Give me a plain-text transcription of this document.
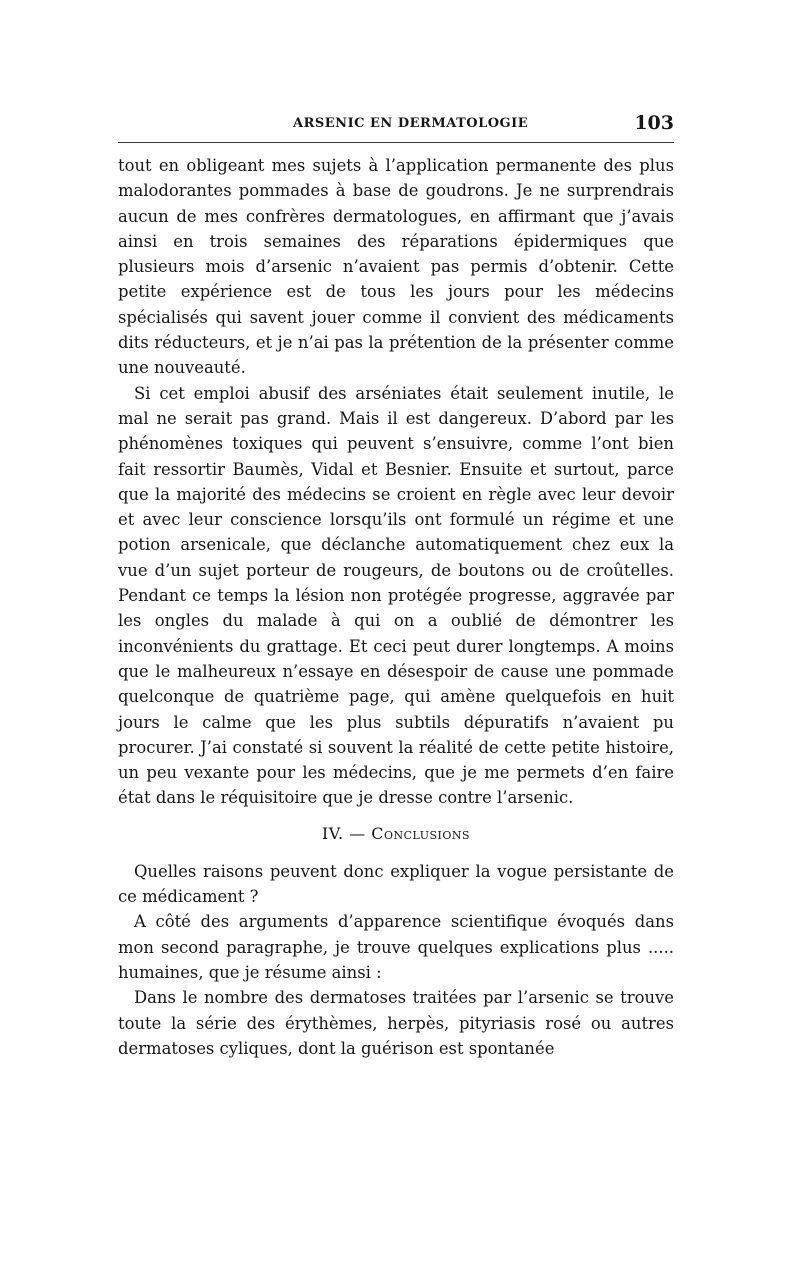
ARSENIC EN DERMATOLOGIE	103

tout en obligeant mes sujets à l’application permanente des plus malodorantes pommades à base de goudrons. Je ne surprendrais aucun de mes confrères dermatologues, en affirmant que j’avais ainsi en trois semaines des réparations épidermiques que plusieurs mois d’arsenic n’avaient pas permis d’obtenir. Cette petite expérience est de tous les jours pour les médecins spécialisés qui savent jouer comme il convient des médicaments dits réducteurs, et je n’ai pas la prétention de la présenter comme une nouveauté.

Si cet emploi abusif des arséniates était seulement inutile, le mal ne serait pas grand. Mais il est dangereux. D’abord par les phénomènes toxiques qui peuvent s’ensuivre, comme l’ont bien fait ressortir Baumès, Vidal et Besnier. Ensuite et surtout, parce que la majorité des médecins se croient en règle avec leur devoir et avec leur conscience lorsqu’ils ont formulé un régime et une potion arsenicale, que déclanche automatiquement chez eux la vue d’un sujet porteur de rougeurs, de boutons ou de croûtelles. Pendant ce temps la lésion non protégée progresse, aggravée par les ongles du malade à qui on a oublié de démontrer les inconvénients du grattage. Et ceci peut durer longtemps. A moins que le malheureux n’essaye en désespoir de cause une pommade quelconque de quatrième page, qui amène quelquefois en huit jours le calme que les plus subtils dépuratifs n’avaient pu procurer. J’ai constaté si souvent la réalité de cette petite histoire, un peu vexante pour les médecins, que je me permets d’en faire état dans le réquisitoire que je dresse contre l’arsenic.

IV. — Conclusions

Quelles raisons peuvent donc expliquer la vogue persistante de ce médicament ?

A côté des arguments d’apparence scientifique évoqués dans mon second paragraphe, je trouve quelques explications plus ..... humaines, que je résume ainsi :

Dans le nombre des dermatoses traitées par l’arsenic se trouve toute la série des érythèmes, herpès, pityriasis rosé ou autres dermatoses cyliques, dont la guérison est spontanée
